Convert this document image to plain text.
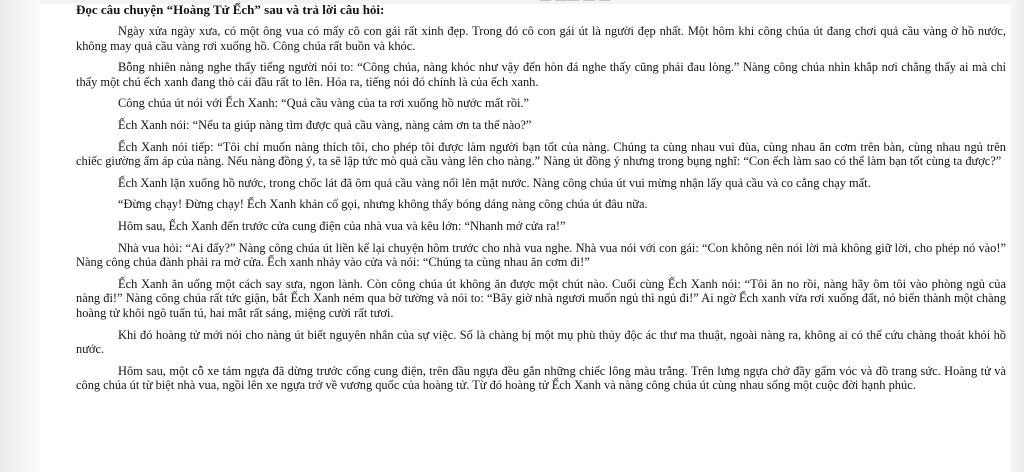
— —— — —
Đọc câu chuyện “Hoàng Tử Ếch” sau và trả lời câu hỏi:

Ngày xửa ngày xưa, có một ông vua có mấy cô con gái rất xinh đẹp. Trong đó cô con gái út là người đẹp nhất. Một hôm khi công chúa út đang chơi quả cầu vàng ở hồ nước, không may quả cầu vàng rơi xuống hồ. Công chúa rất buồn và khóc.

Bỗng nhiên nàng nghe thấy tiếng người nói to: “Công chúa, nàng khóc như vậy đến hòn đá nghe thấy cũng phải đau lòng.” Nàng công chúa nhìn khắp nơi chẳng thấy ai mà chỉ thấy một chú ếch xanh đang thò cái đầu rất to lên. Hóa ra, tiếng nói đó chính là của ếch xanh.

Công chúa út nói với Ếch Xanh: “Quả cầu vàng của ta rơi xuống hồ nước mất rồi.”

Ếch Xanh nói: “Nếu ta giúp nàng tìm được quả cầu vàng, nàng cảm ơn ta thế nào?”

Ếch Xanh nói tiếp: “Tôi chỉ muốn nàng thích tôi, cho phép tôi được làm người bạn tốt của nàng. Chúng ta cùng nhau vui đùa, cùng nhau ăn cơm trên bàn, cùng nhau ngủ trên chiếc giường ấm áp của nàng. Nếu nàng đồng ý, ta sẽ lập tức mò quả cầu vàng lên cho nàng.” Nàng út đồng ý nhưng trong bụng nghĩ: “Con ếch làm sao có thể làm bạn tốt cùng ta được?”

Ếch Xanh lặn xuống hồ nước, trong chốc lát đã ôm quả cầu vàng nổi lên mặt nước. Nàng công chúa út vui mừng nhận lấy quả cầu và co cẳng chạy mất.

“Đừng chạy! Đừng chạy! Ếch Xanh khản cổ gọi, nhưng không thấy bóng dáng nàng công chúa út đâu nữa.

Hôm sau, Ếch Xanh đến trước cửa cung điện của nhà vua và kêu lớn: “Nhanh mở cửa ra!”

Nhà vua hỏi: “Ai đấy?” Nàng công chúa út liền kể lại chuyện hôm trước cho nhà vua nghe. Nhà vua nói với con gái: “Con không nên nói lời mà không giữ lời, cho phép nó vào!” Nàng công chúa đành phải ra mở cửa. Ếch xanh nhảy vào cửa và nói: “Chúng ta cùng nhau ăn cơm đi!”

Ếch Xanh ăn uống một cách say sưa, ngon lành. Còn công chúa út không ăn được một chút nào. Cuối cùng Ếch Xanh nói: “Tôi ăn no rồi, nàng hãy ôm tôi vào phòng ngủ của nàng đi!” Nàng công chúa rất tức giận, bắt Ếch Xanh ném qua bờ tường và nói to: “Bây giờ nhà ngươi muốn ngủ thì ngủ đi!” Ai ngờ Ếch xanh vừa rơi xuống đất, nó biến thành một chàng hoàng tử khôi ngô tuấn tú, hai mắt rất sáng, miệng cười rất tươi.

Khi đó hoàng tử mới nói cho nàng út biết nguyên nhân của sự việc. Số là chàng bị một mụ phù thủy độc ác thư ma thuật, ngoài nàng ra, không ai có thể cứu chàng thoát khỏi hồ nước.

Hôm sau, một cỗ xe tám ngựa đã dừng trước cổng cung điện, trên đầu ngựa đều gắn những chiếc lông màu trắng. Trên lưng ngựa chở đầy gấm vóc và đồ trang sức. Hoàng tử và công chúa út từ biệt nhà vua, ngồi lên xe ngựa trở về vương quốc của hoàng tử. Từ đó hoàng tử Ếch Xanh và nàng công chúa út cùng nhau sống một cuộc đời hạnh phúc.
